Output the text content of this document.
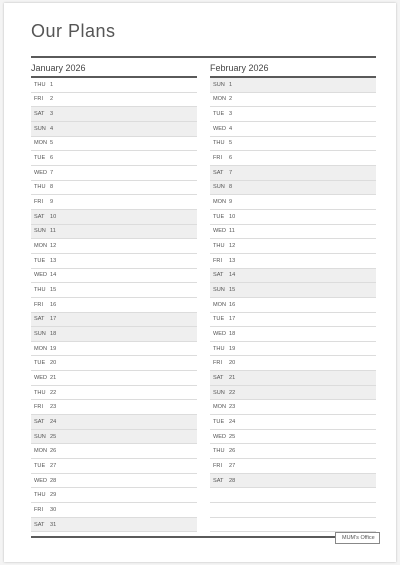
Our Plans
January 2026
THU 1
FRI	2
SAT 3
SUN 4
MON 5
TUE 6
WED 7
THU 8
FRI	9
SAT 10
SUN 11
MON 12
TUE 13
WED 14
THU 15
FRI	16
SAT 17
SUN 18
MON 19
TUE 20
WED 21
THU 22
FRI	23
SAT 24
SUN 25
MON 26
TUE 27
WED 28
THU 29
FRI	30
SAT 31
February 2026
SUN 1
MON 2
TUE 3
WED 4
THU 5
FRI	6
SAT 7
SUN 8
MON 9
TUE 10
WED 11
THU 12
FRI	13
SAT 14
SUN 15
MON 16
TUE 17
WED 18
THU 19
FRI	20
SAT 21
SUN 22
MON 23
TUE 24
WED 25
THU 26
FRI	27
SAT 28
MUM's Office
